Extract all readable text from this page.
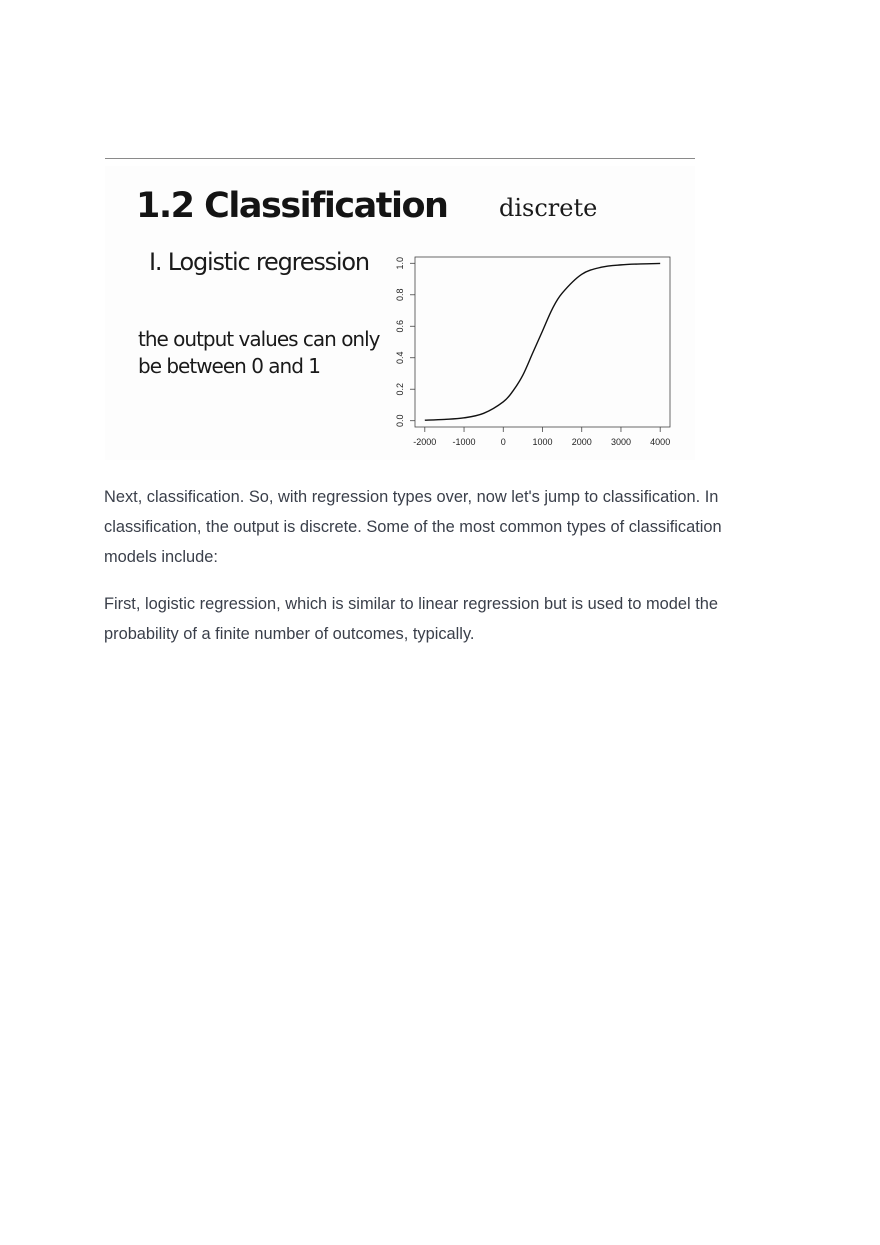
1.2 Classification discrete
I. Logistic regression
the output values can only be between 0 and 1
-2000 -1000	0	1000 2000 3000 4000
0.0
0.2
0.4
0.6
0.8
1.0

Next, classification. So, with regression types over, now let's jump to classification. In classification, the output is discrete. Some of the most common types of classification models include:

First, logistic regression, which is similar to linear regression but is used to model the probability of a finite number of outcomes, typically.
